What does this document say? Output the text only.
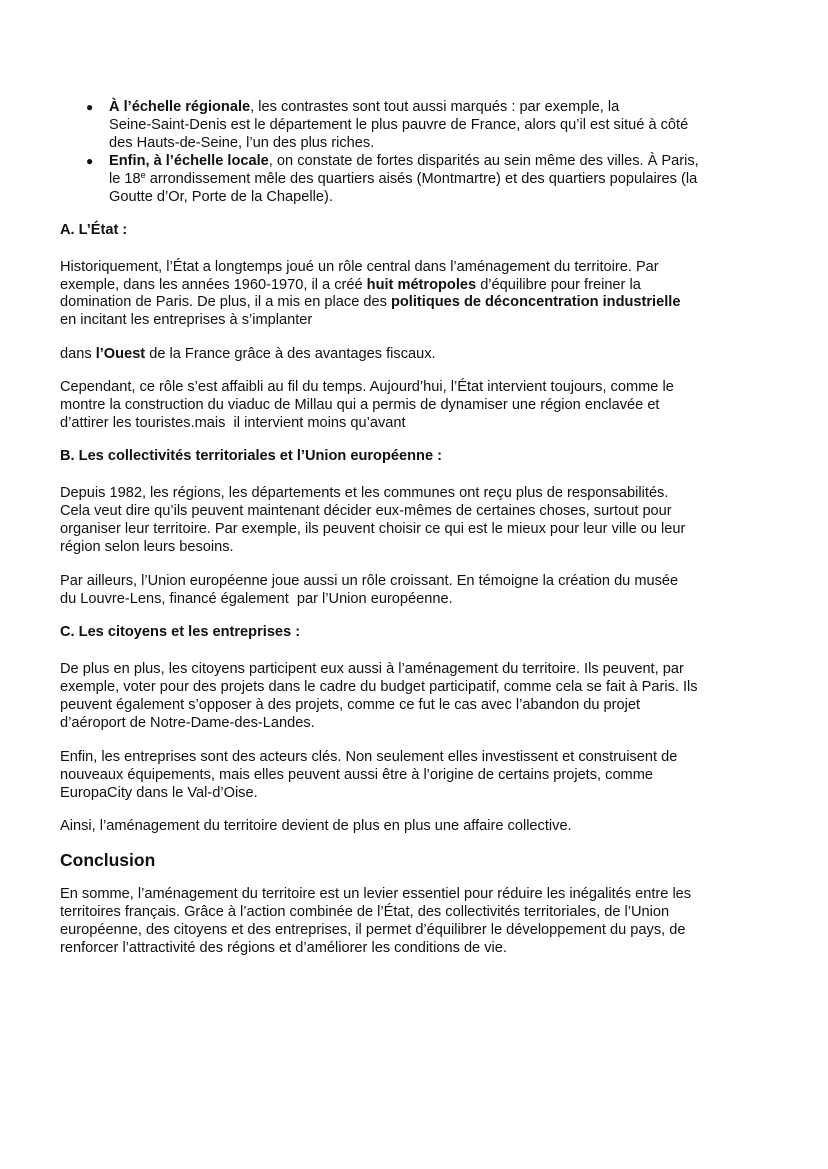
● À l’échelle régionale, les contrastes sont tout aussi marqués : par exemple, la
Seine-Saint-Denis est le département le plus pauvre de France, alors qu’il est situé à côté
des Hauts-de-Seine, l’un des plus riches.
● Enfin, à l’échelle locale, on constate de fortes disparités au sein même des villes. À Paris,
le 18e arrondissement mêle des quartiers aisés (Montmartre) et des quartiers populaires (la
Goutte d’Or, Porte de la Chapelle).
A. L’État :
Historiquement, l’État a longtemps joué un rôle central dans l’aménagement du territoire. Par
exemple, dans les années 1960-1970, il a créé huit métropoles d’équilibre pour freiner la
domination de Paris. De plus, il a mis en place des politiques de déconcentration industrielle
en incitant les entreprises à s’implanter
dans l’Ouest de la France grâce à des avantages fiscaux.
Cependant, ce rôle s’est affaibli au fil du temps. Aujourd’hui, l’État intervient toujours, comme le
montre la construction du viaduc de Millau qui a permis de dynamiser une région enclavée et
d’attirer les touristes.mais  il intervient moins qu’avant
B. Les collectivités territoriales et l’Union européenne :
Depuis 1982, les régions, les départements et les communes ont reçu plus de responsabilités.
Cela veut dire qu’ils peuvent maintenant décider eux-mêmes de certaines choses, surtout pour
organiser leur territoire. Par exemple, ils peuvent choisir ce qui est le mieux pour leur ville ou leur
région selon leurs besoins.
Par ailleurs, l’Union européenne joue aussi un rôle croissant. En témoigne la création du musée
du Louvre-Lens, financé également  par l’Union européenne.
C. Les citoyens et les entreprises :
De plus en plus, les citoyens participent eux aussi à l’aménagement du territoire. Ils peuvent, par
exemple, voter pour des projets dans le cadre du budget participatif, comme cela se fait à Paris. Ils
peuvent également s’opposer à des projets, comme ce fut le cas avec l’abandon du projet
d’aéroport de Notre-Dame-des-Landes.
Enfin, les entreprises sont des acteurs clés. Non seulement elles investissent et construisent de
nouveaux équipements, mais elles peuvent aussi être à l’origine de certains projets, comme
EuropaCity dans le Val-d’Oise.
Ainsi, l’aménagement du territoire devient de plus en plus une affaire collective.
Conclusion
En somme, l’aménagement du territoire est un levier essentiel pour réduire les inégalités entre les
territoires français. Grâce à l’action combinée de l’État, des collectivités territoriales, de l’Union
européenne, des citoyens et des entreprises, il permet d’équilibrer le développement du pays, de
renforcer l’attractivité des régions et d’améliorer les conditions de vie.
